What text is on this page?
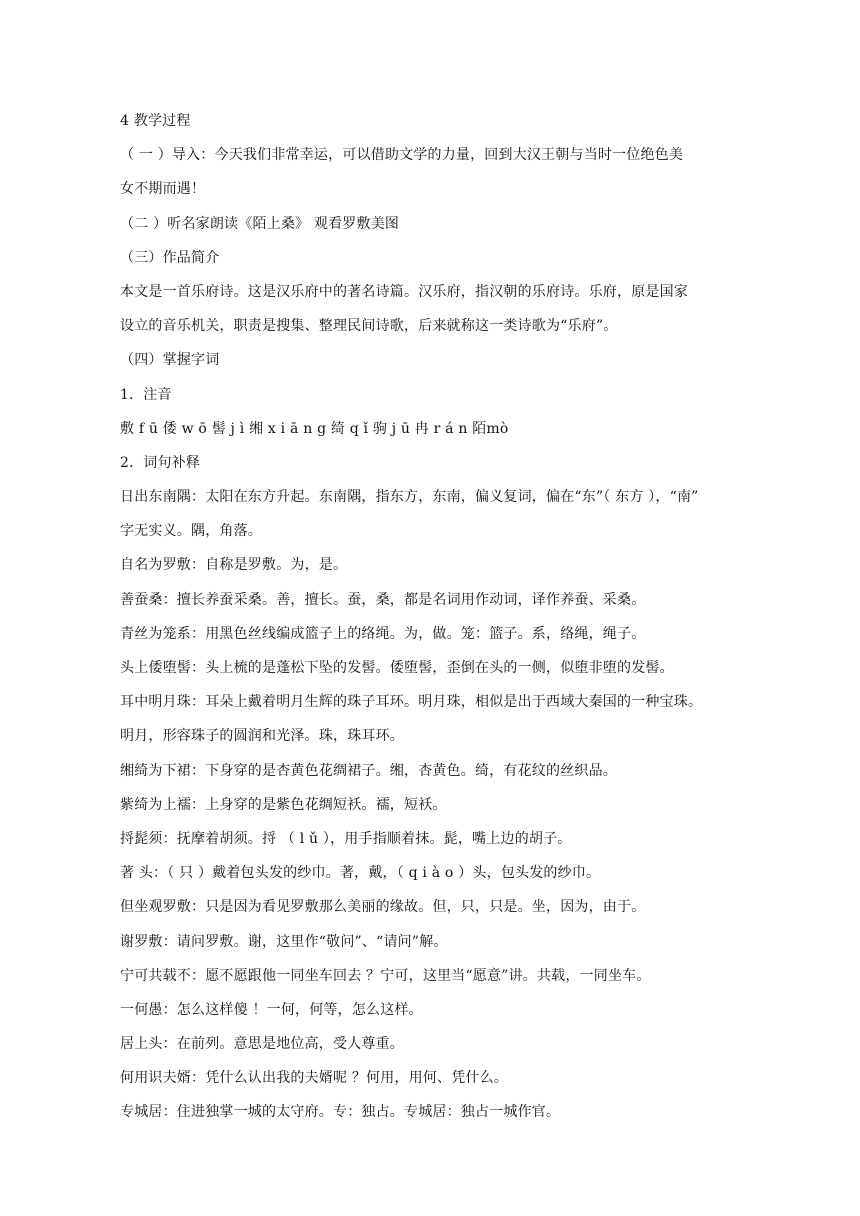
4 教学过程
（ 一 ）导入：今天我们非常幸运，可以借助文学的力量，回到大汉王朝与当时一位绝色美
女不期而遇！
（二 ）听名家朗读《陌上桑》 观看罗敷美图
（三）作品简介
本文是一首乐府诗。这是汉乐府中的著名诗篇。汉乐府，指汉朝的乐府诗。乐府，原是国家
设立的音乐机关，职责是搜集、整理民间诗歌，后来就称这一类诗歌为“乐府”。
（四）掌握字词
1．注音
敷 f ū 倭 w ō 髻 j ì 缃 x i ā n g 绮 q ǐ 驹 j ū 冉 r á n 陌mò
2．词句补释
日出东南隅：太阳在东方升起。东南隅，指东方，东南，偏义复词，偏在“东”（ 东方 ），“南”
字无实义。隅，角落。
自名为罗敷：自称是罗敷。为，是。
善蚕桑：擅长养蚕采桑。善，擅长。蚕，桑，都是名词用作动词，译作养蚕、采桑。
青丝为笼系：用黑色丝线编成篮子上的络绳。为，做。笼：篮子。系，络绳，绳子。
头上倭堕髻：头上梳的是蓬松下坠的发髻。倭堕髻，歪倒在头的一侧，似堕非堕的发髻。
耳中明月珠：耳朵上戴着明月生辉的珠子耳环。明月珠，相似是出于西域大秦国的一种宝珠。
明月，形容珠子的圆润和光泽。珠，珠耳环。
缃绮为下裙：下身穿的是杏黄色花绸裙子。缃，杏黄色。绮，有花纹的丝织品。
紫绮为上襦：上身穿的是紫色花绸短袄。襦，短袄。
捋髭须：抚摩着胡须。捋 （ l ǔ ），用手指顺着抹。髭，嘴上边的胡子。
著 头：（ 只 ）戴着包头发的纱巾。著，戴，（ q i à o ）头，包头发的纱巾。
但坐观罗敷：只是因为看见罗敷那么美丽的缘故。但，只，只是。坐，因为，由于。
谢罗敷：请问罗敷。谢，这里作“敬问”、“请问”解。
宁可共载不：愿不愿跟他一同坐车回去 ？宁可，这里当“愿意”讲。共载，一同坐车。
一何愚：怎么这样傻 ！一何，何等，怎么这样。
居上头：在前列。意思是地位高，受人尊重。
何用识夫婿：凭什么认出我的夫婿呢 ？何用，用何、凭什么。
专城居：住进独掌一城的太守府。专：独占。专城居：独占一城作官。
